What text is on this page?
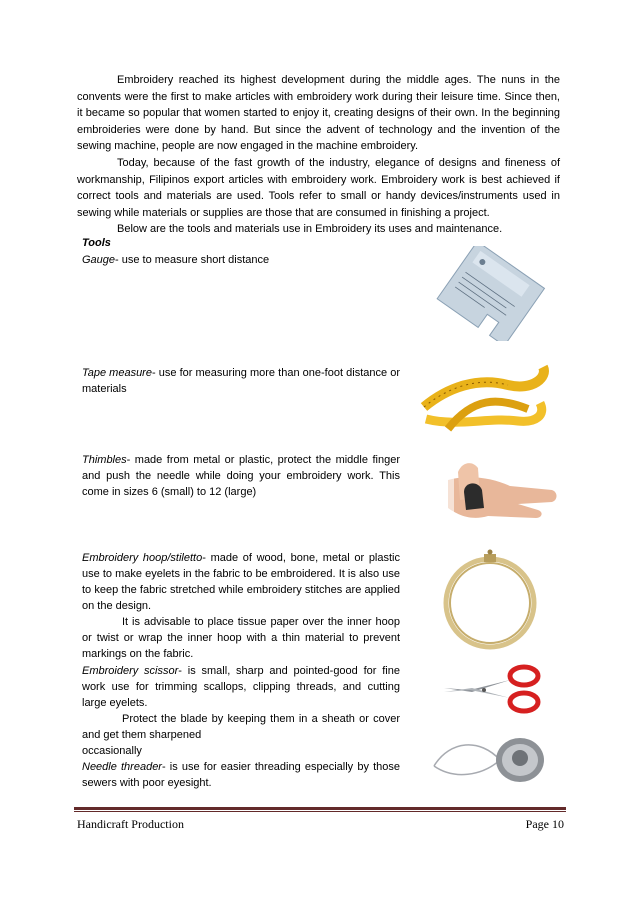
Embroidery reached its highest development during the middle ages. The nuns in the convents were the first to make articles with embroidery work during their leisure time. Since then, it became so popular that women started to enjoy it, creating designs of their own. In the beginning embroideries were done by hand. But since the advent of technology and the invention of the sewing machine, people are now engaged in the machine embroidery.

Today, because of the fast growth of the industry, elegance of designs and fineness of workmanship, Filipinos export articles with embroidery work. Embroidery work is best achieved if correct tools and materials are used. Tools refer to small or handy devices/instruments used in sewing while materials or supplies are those that are consumed in finishing a project.

Below are the tools and materials use in Embroidery its uses and maintenance.

Tools

Gauge- use to measure short distance

Tape measure- use for measuring more than one-foot distance or materials

Thimbles- made from metal or plastic, protect the middle finger and push the needle while doing your embroidery work. This come in sizes 6 (small) to 12 (large)

Embroidery hoop/stiletto- made of wood, bone, metal or plastic use to make eyelets in the fabric to be embroidered. It is also use to keep the fabric stretched while embroidery stitches are applied on the design.

It is advisable to place tissue paper over the inner hoop or twist or wrap the inner hoop with a thin material to prevent markings on the fabric.

Embroidery scissor- is small, sharp and pointed-good for fine work use for trimming scallops, clipping threads, and cutting large eyelets.

Protect the blade by keeping them in a sheath or cover and get them sharpened

occasionally

Needle threader- is use for easier threading especially by those sewers with poor eyesight.

Handicraft Production	Page 10
